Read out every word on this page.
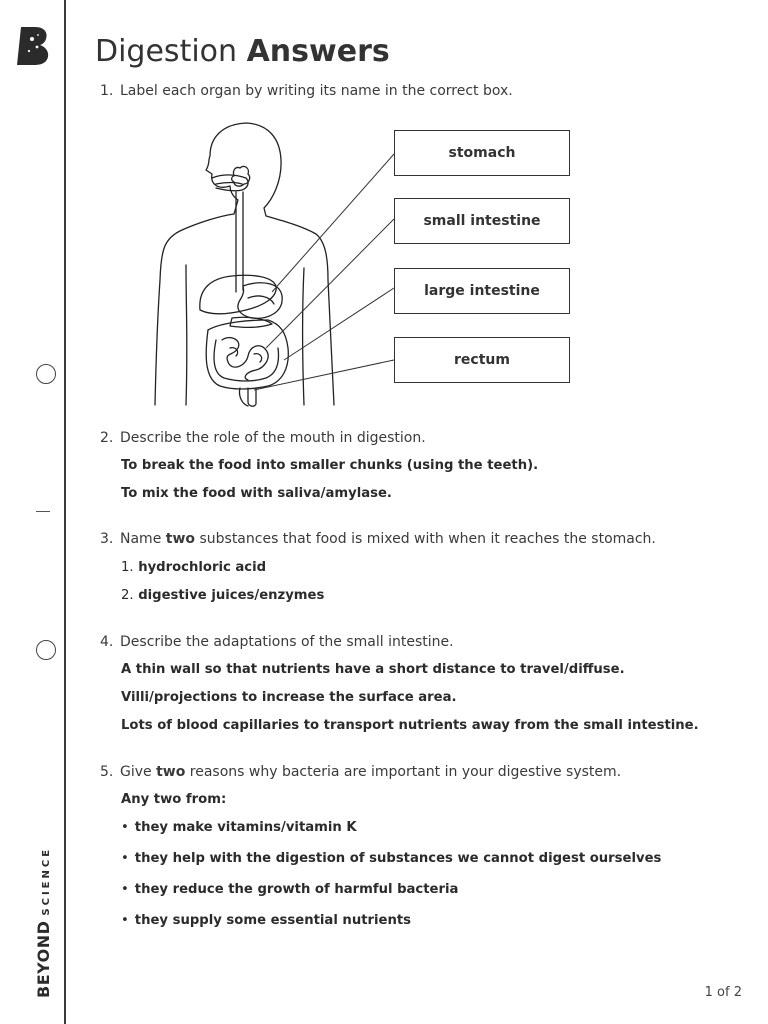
BEYONDSCIENCE
Digestion Answers
1. Label each organ by writing its name in the correct box.
stomach
small intestine
large intestine
rectum
2. Describe the role of the mouth in digestion.
To break the food into smaller chunks (using the teeth).
To mix the food with saliva/amylase.
3. Name two substances that food is mixed with when it reaches the stomach.
1. hydrochloric acid
2. digestive juices/enzymes
4. Describe the adaptations of the small intestine.
A thin wall so that nutrients have a short distance to travel/diffuse.
Villi/projections to increase the surface area.
Lots of blood capillaries to transport nutrients away from the small intestine.
5. Give two reasons why bacteria are important in your digestive system.
Any two from:
• they make vitamins/vitamin K
• they help with the digestion of substances we cannot digest ourselves
• they reduce the growth of harmful bacteria
• they supply some essential nutrients
1 of 2
